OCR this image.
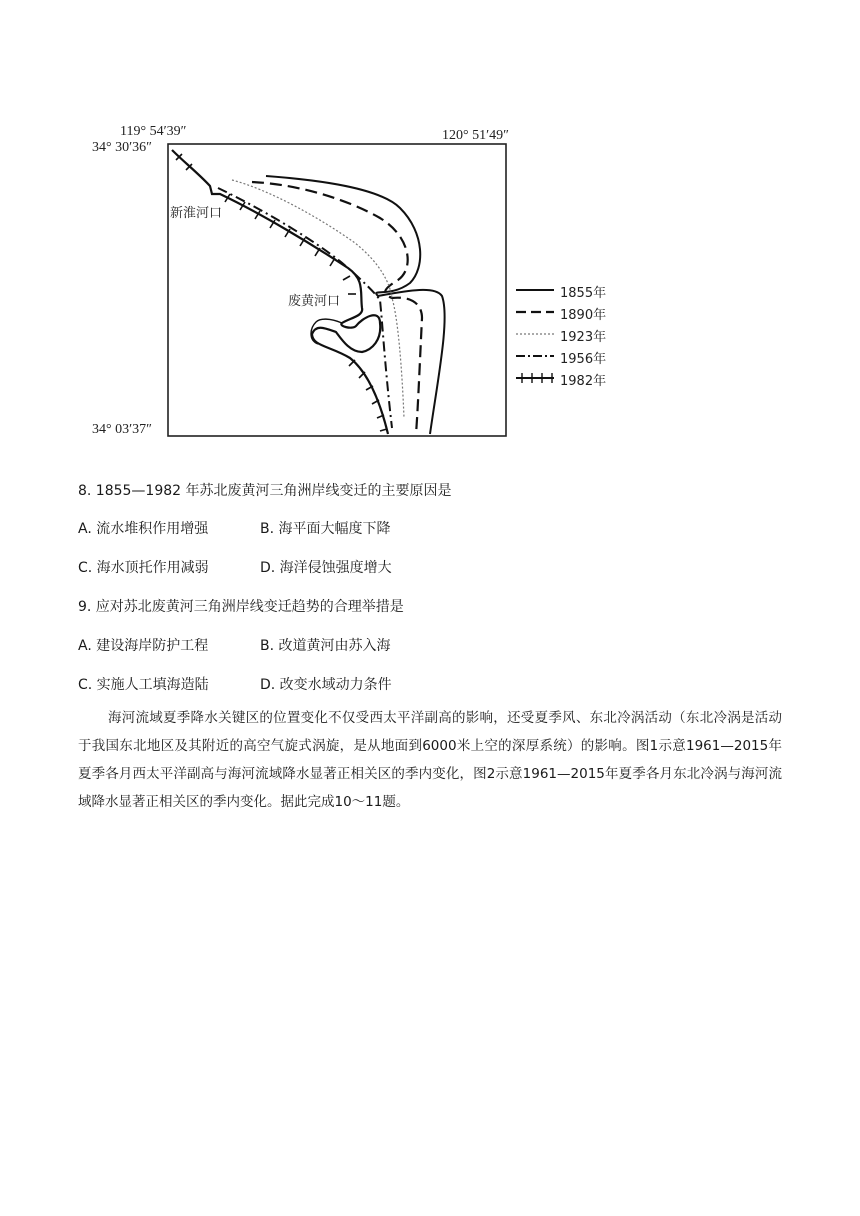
119° 54′39″	120° 51′49″
34° 30′36″
34° 03′37″
新淮河口
废黄河口
1855年
1890年
1923年
1956年
1982年
8. 1855—1982 年苏北废黄河三角洲岸线变迁的主要原因是
A. 流水堆积作用增强	B. 海平面大幅度下降
C. 海水顶托作用减弱	D. 海洋侵蚀强度增大
9. 应对苏北废黄河三角洲岸线变迁趋势的合理举措是
A. 建设海岸防护工程	B. 改道黄河由苏入海
C. 实施人工填海造陆	D. 改变水域动力条件
海河流域夏季降水关键区的位置变化不仅受西太平洋副高的影响，还受夏季风、东北冷涡活动（东北冷涡是活动于我国东北地区及其附近的高空气旋式涡旋，是从地面到6000米上空的深厚系统）的影响。图1示意1961—2015年夏季各月西太平洋副高与海河流域降水显著正相关区的季内变化，图2示意1961—2015年夏季各月东北冷涡与海河流域降水显著正相关区的季内变化。据此完成10～11题。
